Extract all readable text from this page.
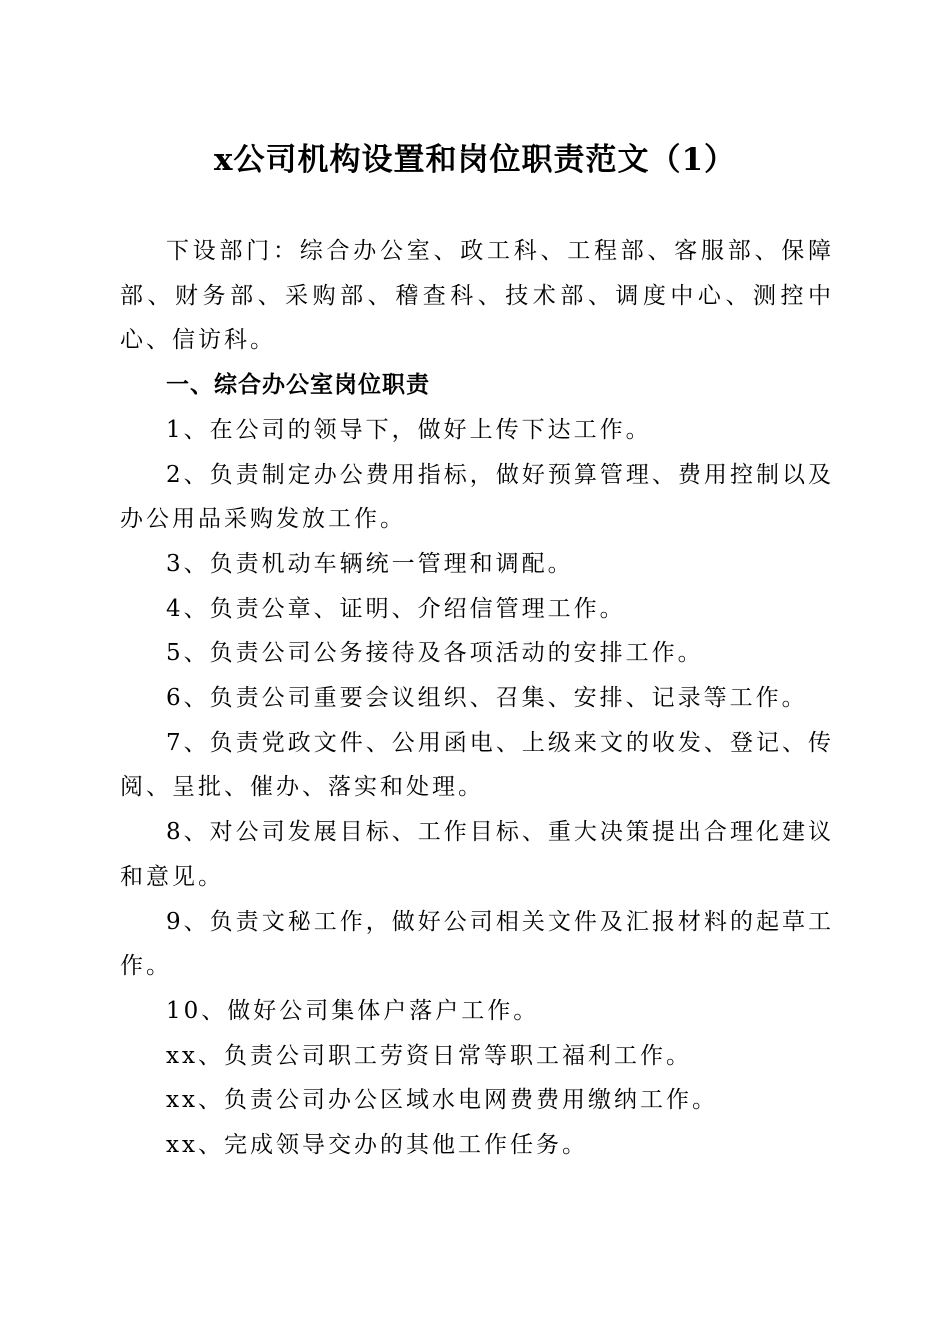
x公司机构设置和岗位职责范文（1）

下设部门：综合办公室、政工科、工程部、客服部、保障部、财务部、采购部、稽查科、技术部、调度中心、测控中心、信访科。

一、综合办公室岗位职责

1、在公司的领导下，做好上传下达工作。

2、负责制定办公费用指标，做好预算管理、费用控制以及办公用品采购发放工作。

3、负责机动车辆统一管理和调配。

4、负责公章、证明、介绍信管理工作。

5、负责公司公务接待及各项活动的安排工作。

6、负责公司重要会议组织、召集、安排、记录等工作。

7、负责党政文件、公用函电、上级来文的收发、登记、传阅、呈批、催办、落实和处理。

8、对公司发展目标、工作目标、重大决策提出合理化建议和意见。

9、负责文秘工作，做好公司相关文件及汇报材料的起草工作。

10、做好公司集体户落户工作。

xx、负责公司职工劳资日常等职工福利工作。

xx、负责公司办公区域水电网费费用缴纳工作。

xx、完成领导交办的其他工作任务。
